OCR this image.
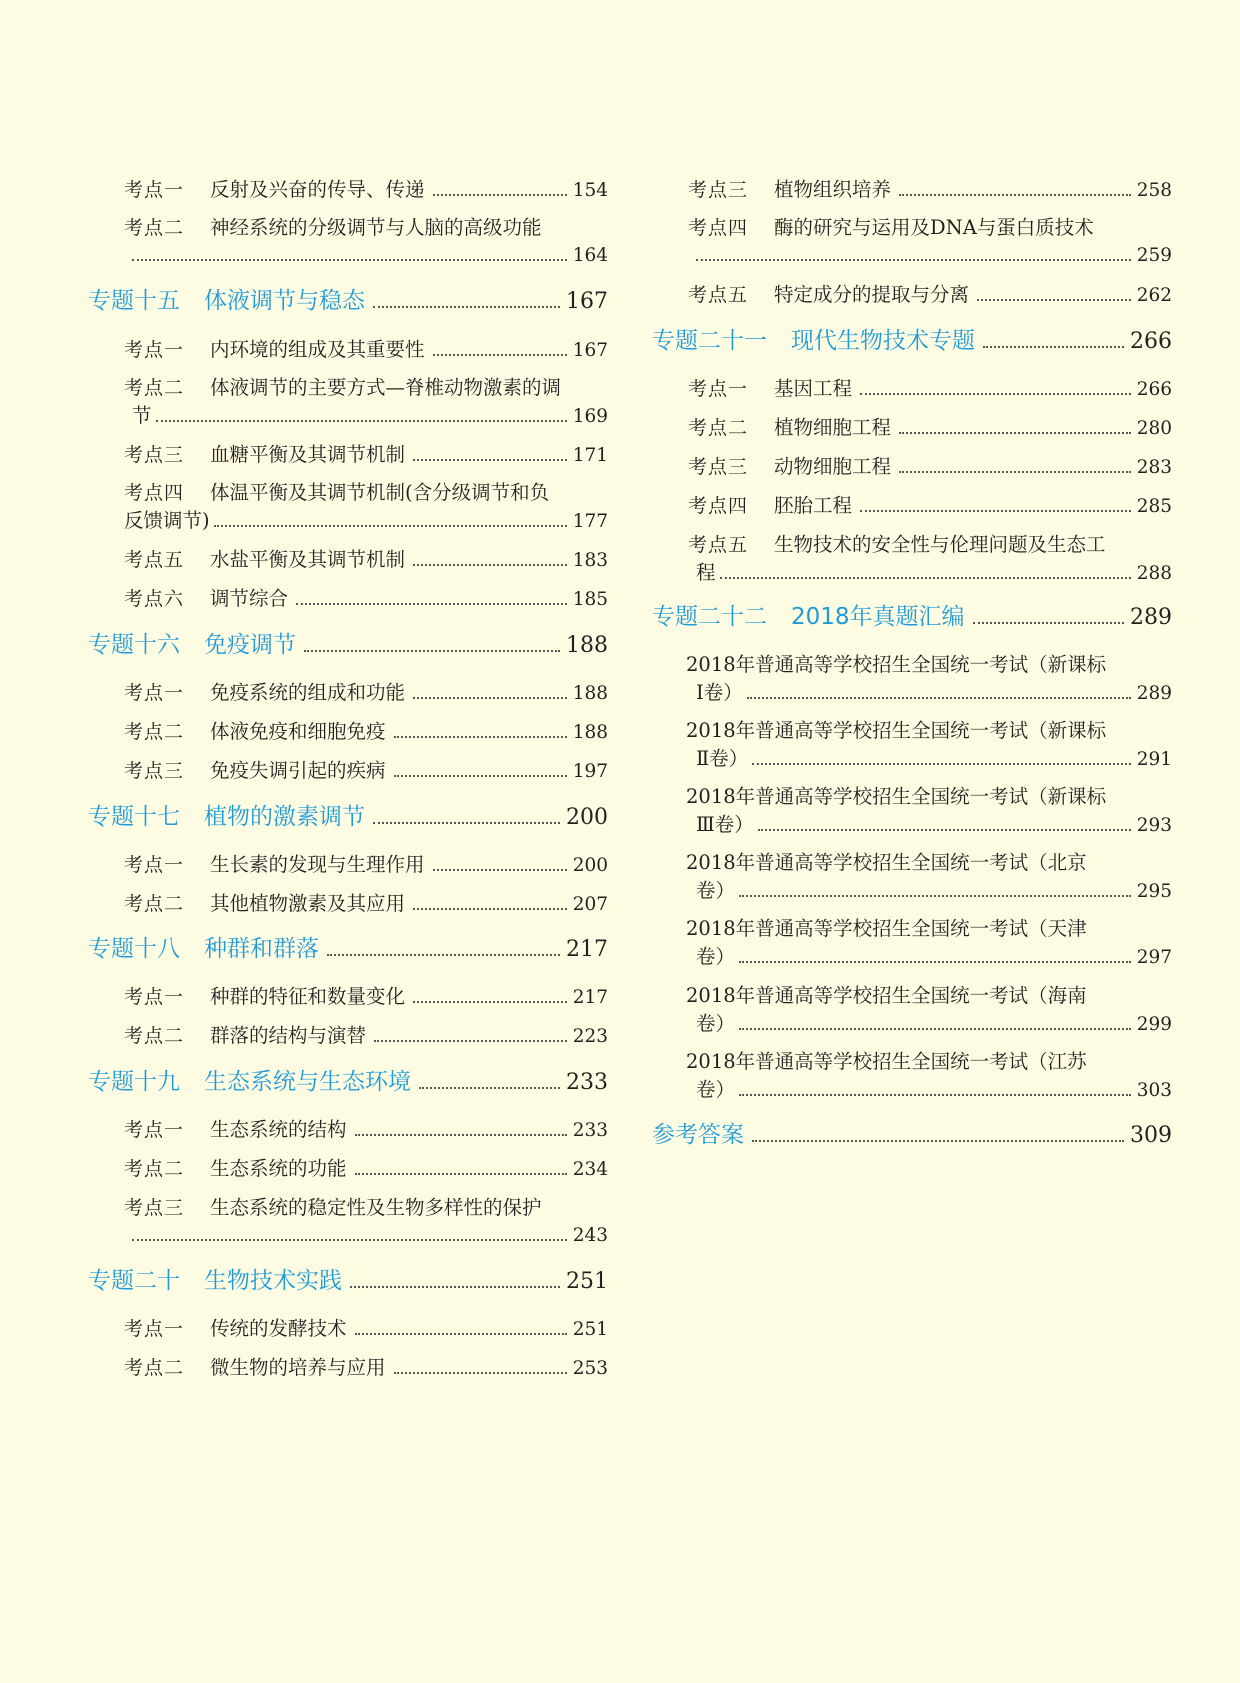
考点一	反射及兴奋的传导、传递	154
考点二	神经系统的分级调节与人脑的高级功能
164
专题十五 体液调节与稳态	167
考点一	内环境的组成及其重要性	167
考点二	体液调节的主要方式—脊椎动物激素的调
节	169
考点三	血糖平衡及其调节机制	171
考点四	体温平衡及其调节机制(含分级调节和负
反馈调节)	177
考点五	水盐平衡及其调节机制	183
考点六	调节综合	185
专题十六 免疫调节	188
考点一	免疫系统的组成和功能	188
考点二	体液免疫和细胞免疫	188
考点三	免疫失调引起的疾病	197
专题十七 植物的激素调节	200
考点一	生长素的发现与生理作用	200
考点二	其他植物激素及其应用	207
专题十八 种群和群落	217
考点一	种群的特征和数量变化	217
考点二	群落的结构与演替	223
专题十九 生态系统与生态环境	233
考点一	生态系统的结构	233
考点二	生态系统的功能	234
考点三	生态系统的稳定性及生物多样性的保护
243
专题二十 生物技术实践	251
考点一	传统的发酵技术	251
考点二	微生物的培养与应用	253
考点三	植物组织培养	258
考点四	酶的研究与运用及DNA与蛋白质技术
259
考点五	特定成分的提取与分离	262
专题二十一 现代生物技术专题	266
考点一	基因工程	266
考点二	植物细胞工程	280
考点三	动物细胞工程	283
考点四	胚胎工程	285
考点五	生物技术的安全性与伦理问题及生态工
程	288
专题二十二 2018年真题汇编	289
2018年普通高等学校招生全国统一考试（新课标
Ⅰ卷）	289
2018年普通高等学校招生全国统一考试（新课标
Ⅱ卷）	291
2018年普通高等学校招生全国统一考试（新课标
Ⅲ卷）	293
2018年普通高等学校招生全国统一考试（北京
卷）	295
2018年普通高等学校招生全国统一考试（天津
卷）	297
2018年普通高等学校招生全国统一考试（海南
卷）	299
2018年普通高等学校招生全国统一考试（江苏
卷）	303
参考答案	309
